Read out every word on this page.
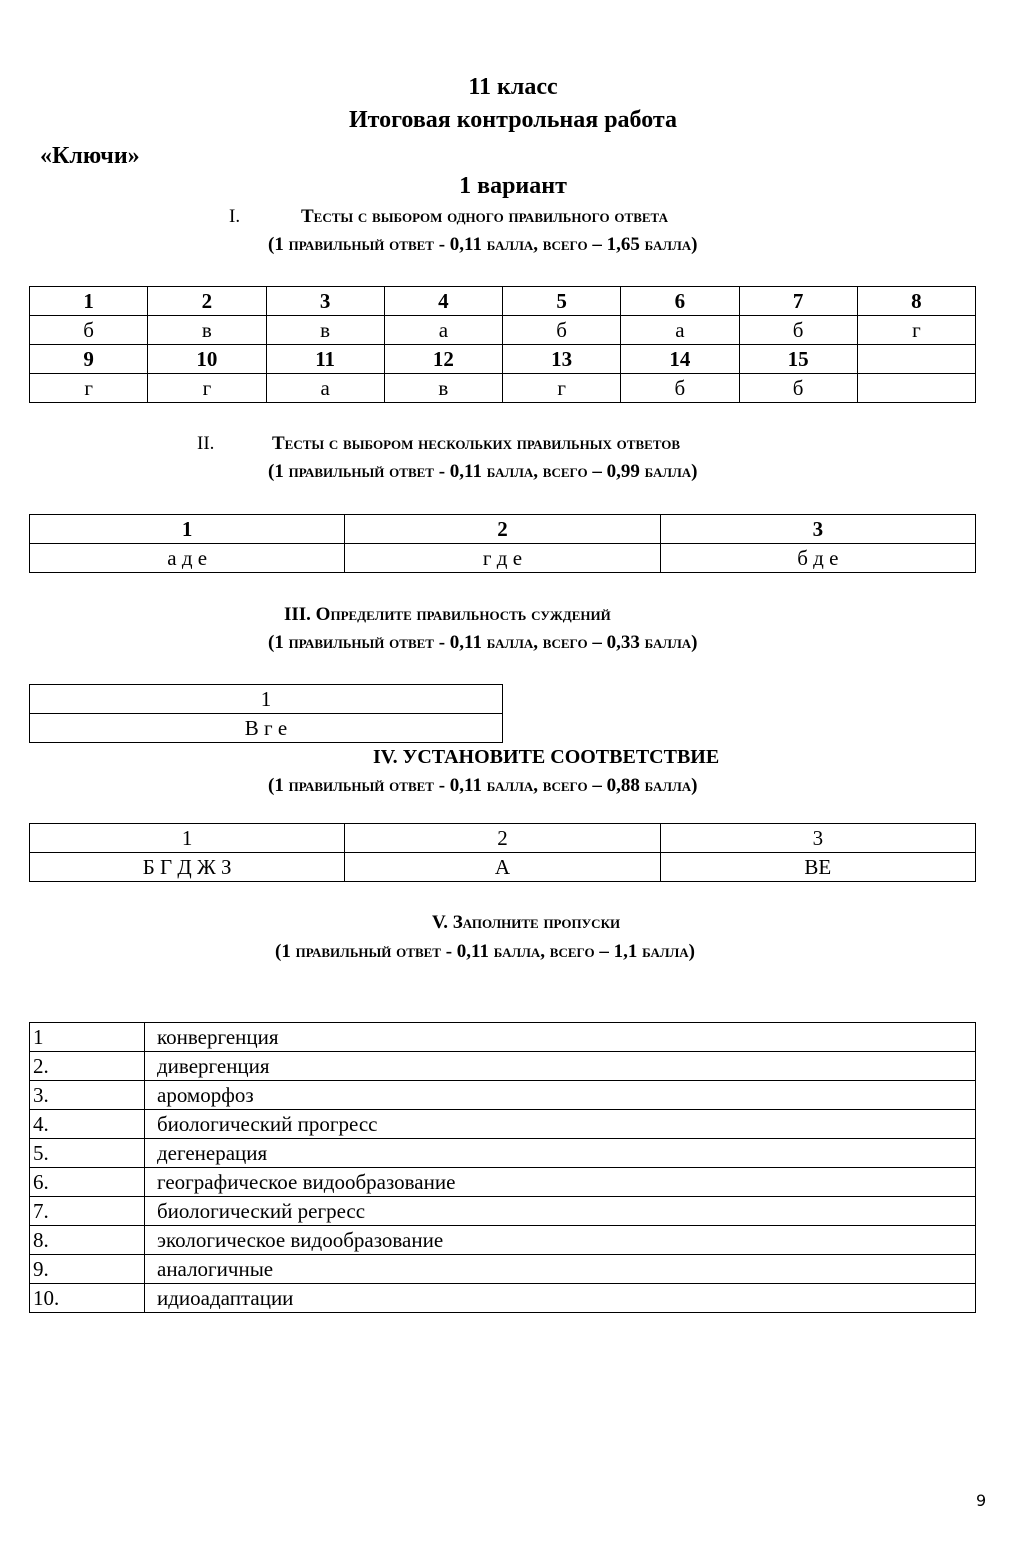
11 класс
Итоговая контрольная работа
«Ключи»
1 вариант
I.	Тесты с выбором одного правильного ответа
(1 правильный ответ - 0,11 балла, всего – 1,65 балла)
1	2	3	4	5	6	7	8
б	в	в	а	б	а	б	г
9	10	11	12	13	14	15	
г	г	а	в	г	б	б	
II.	Тесты с выбором нескольких правильных ответов
(1 правильный ответ - 0,11 балла, всего – 0,99 балла)
1	2	3
а д е	г д е	б д е
III. Определите правильность суждений
(1 правильный ответ - 0,11 балла, всего – 0,33 балла)
1
В г е
IV. УСТАНОВИТЕ СООТВЕТСТВИЕ
(1 правильный ответ - 0,11 балла, всего – 0,88 балла)
1	2	3
Б Г Д Ж З	А	ВЕ
V. Заполните пропуски
(1 правильный ответ - 0,11 балла, всего – 1,1 балла)
1	конвергенция
2.	дивергенция
3.	ароморфоз
4.	биологический прогресс
5.	дегенерация
6.	географическое видообразование
7.	биологический регресс
8.	экологическое видообразование
9.	аналогичные
10.	идиоадаптации
9
